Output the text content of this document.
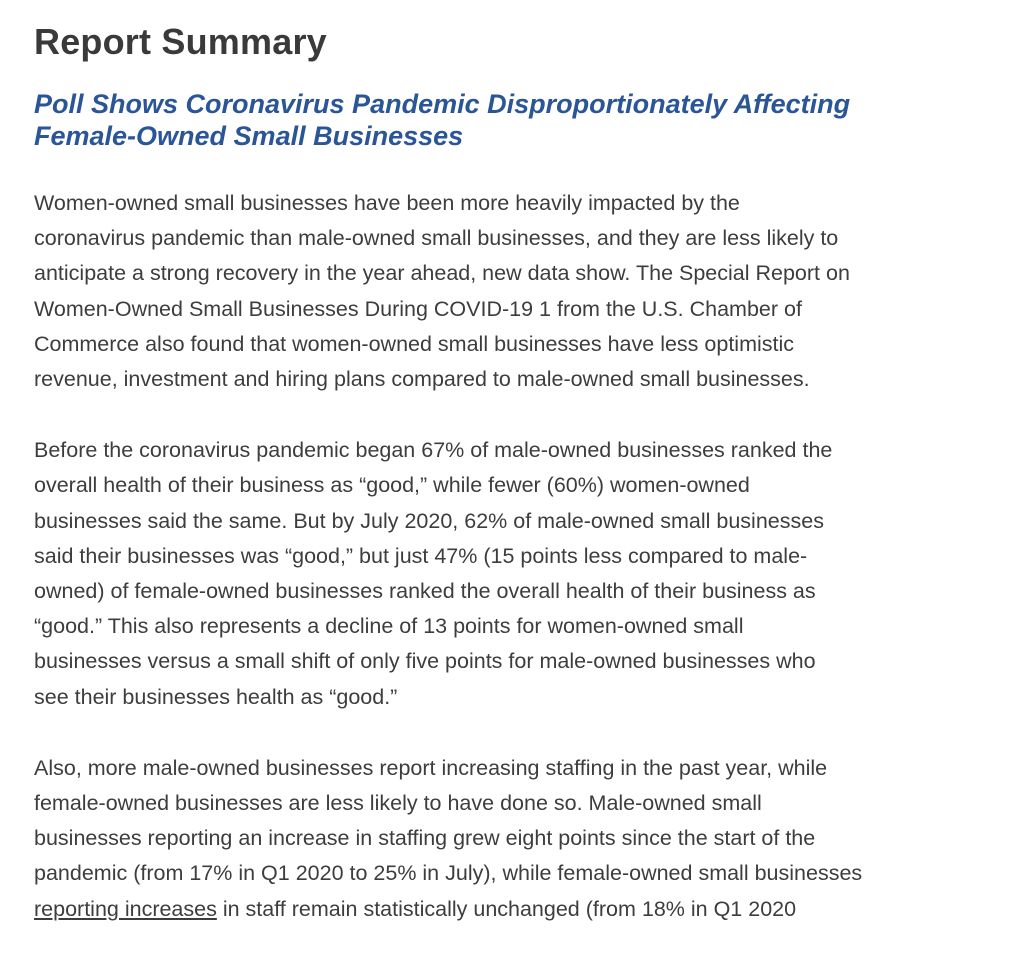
Report Summary
Poll Shows Coronavirus Pandemic Disproportionately Affecting
Female-Owned Small Businesses

Women-owned small businesses have been more heavily impacted by the
coronavirus pandemic than male-owned small businesses, and they are less likely to
anticipate a strong recovery in the year ahead, new data show. The Special Report on
Women-Owned Small Businesses During COVID-19 1 from the U.S. Chamber of
Commerce also found that women-owned small businesses have less optimistic
revenue, investment and hiring plans compared to male-owned small businesses.

Before the coronavirus pandemic began 67% of male-owned businesses ranked the
overall health of their business as “good,” while fewer (60%) women-owned
businesses said the same. But by July 2020, 62% of male-owned small businesses
said their businesses was “good,” but just 47% (15 points less compared to male-
owned) of female-owned businesses ranked the overall health of their business as
“good.” This also represents a decline of 13 points for women-owned small
businesses versus a small shift of only five points for male-owned businesses who
see their businesses health as “good.”

Also, more male-owned businesses report increasing staffing in the past year, while
female-owned businesses are less likely to have done so. Male-owned small
businesses reporting an increase in staffing grew eight points since the start of the
pandemic (from 17% in Q1 2020 to 25% in July), while female-owned small businesses
reporting increases in staff remain statistically unchanged (from 18% in Q1 2020
